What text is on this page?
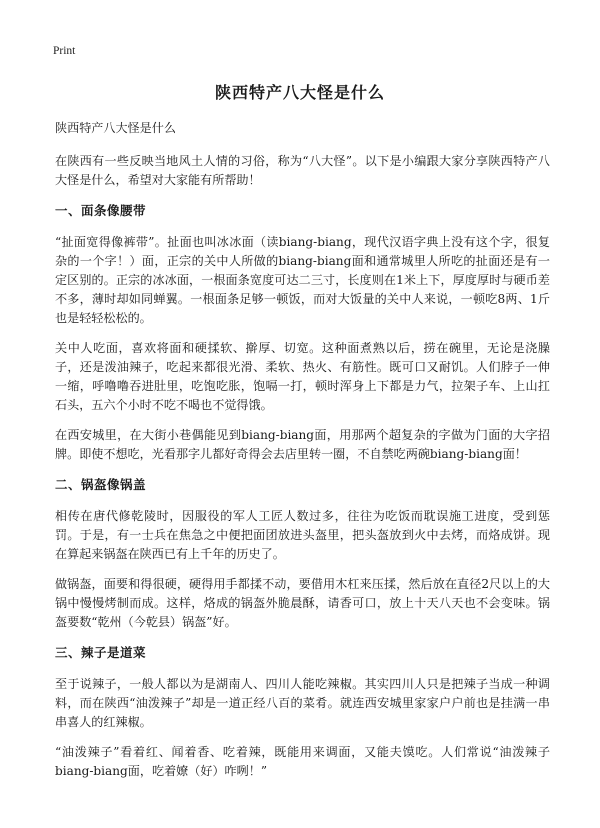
Print
陕西特产八大怪是什么

陕西特产八大怪是什么

在陕西有一些反映当地风土人情的习俗，称为“八大怪”。以下是小编跟大家分享陕西特产八大怪是什么，希望对大家能有所帮助！

一、面条像腰带

“扯面宽得像裤带”。扯面也叫冰冰面（读biang-biang，现代汉语字典上没有这个字，很复杂的一个字！）面，正宗的关中人所做的biang-biang面和通常城里人所吃的扯面还是有一定区别的。正宗的冰冰面，一根面条宽度可达二三寸，长度则在1米上下，厚度厚时与硬币差不多，薄时却如同蝉翼。一根面条足够一顿饭，而对大饭量的关中人来说，一顿吃8两、1斤也是轻轻松松的。

关中人吃面，喜欢将面和硬揉软、擀厚、切宽。这种面煮熟以后，捞在碗里，无论是浇臊子，还是泼油辣子，吃起来都很光滑、柔软、热火、有筋性。既可口又耐饥。人们脖子一伸一缩，呼噜噜吞进肚里，吃饱吃胀，饱嗝一打，顿时浑身上下都是力气，拉架子车、上山扛石头，五六个小时不吃不喝也不觉得饿。

在西安城里，在大街小巷偶能见到biang-biang面，用那两个超复杂的字做为门面的大字招牌。即使不想吃，光看那字儿都好奇得会去店里转一圈，不自禁吃两碗biang-biang面！

二、锅盔像锅盖

相传在唐代修乾陵时，因服役的军人工匠人数过多，往往为吃饭而耽误施工进度，受到惩罚。于是，有一士兵在焦急之中便把面团放进头盔里，把头盔放到火中去烤，而烙成饼。现在算起来锅盔在陕西已有上千年的历史了。

做锅盔，面要和得很硬，硬得用手都揉不动，要借用木杠来压揉，然后放在直径2尺以上的大锅中慢慢烤制而成。这样，烙成的锅盔外脆晨酥，请香可口，放上十天八天也不会变味。锅盔要数“乾州（今乾县）锅盔”好。

三、辣子是道菜

至于说辣子，一般人都以为是湖南人、四川人能吃辣椒。其实四川人只是把辣子当成一种调料，而在陕西“油泼辣子”却是一道正经八百的菜肴。就连西安城里家家户户前也是挂满一串串喜人的红辣椒。

“油泼辣子”看着红、闻着香、吃着辣，既能用来调面，又能夫馍吃。人们常说“油泼辣子biang-biang面，吃着嫽（好）咋咧！”
